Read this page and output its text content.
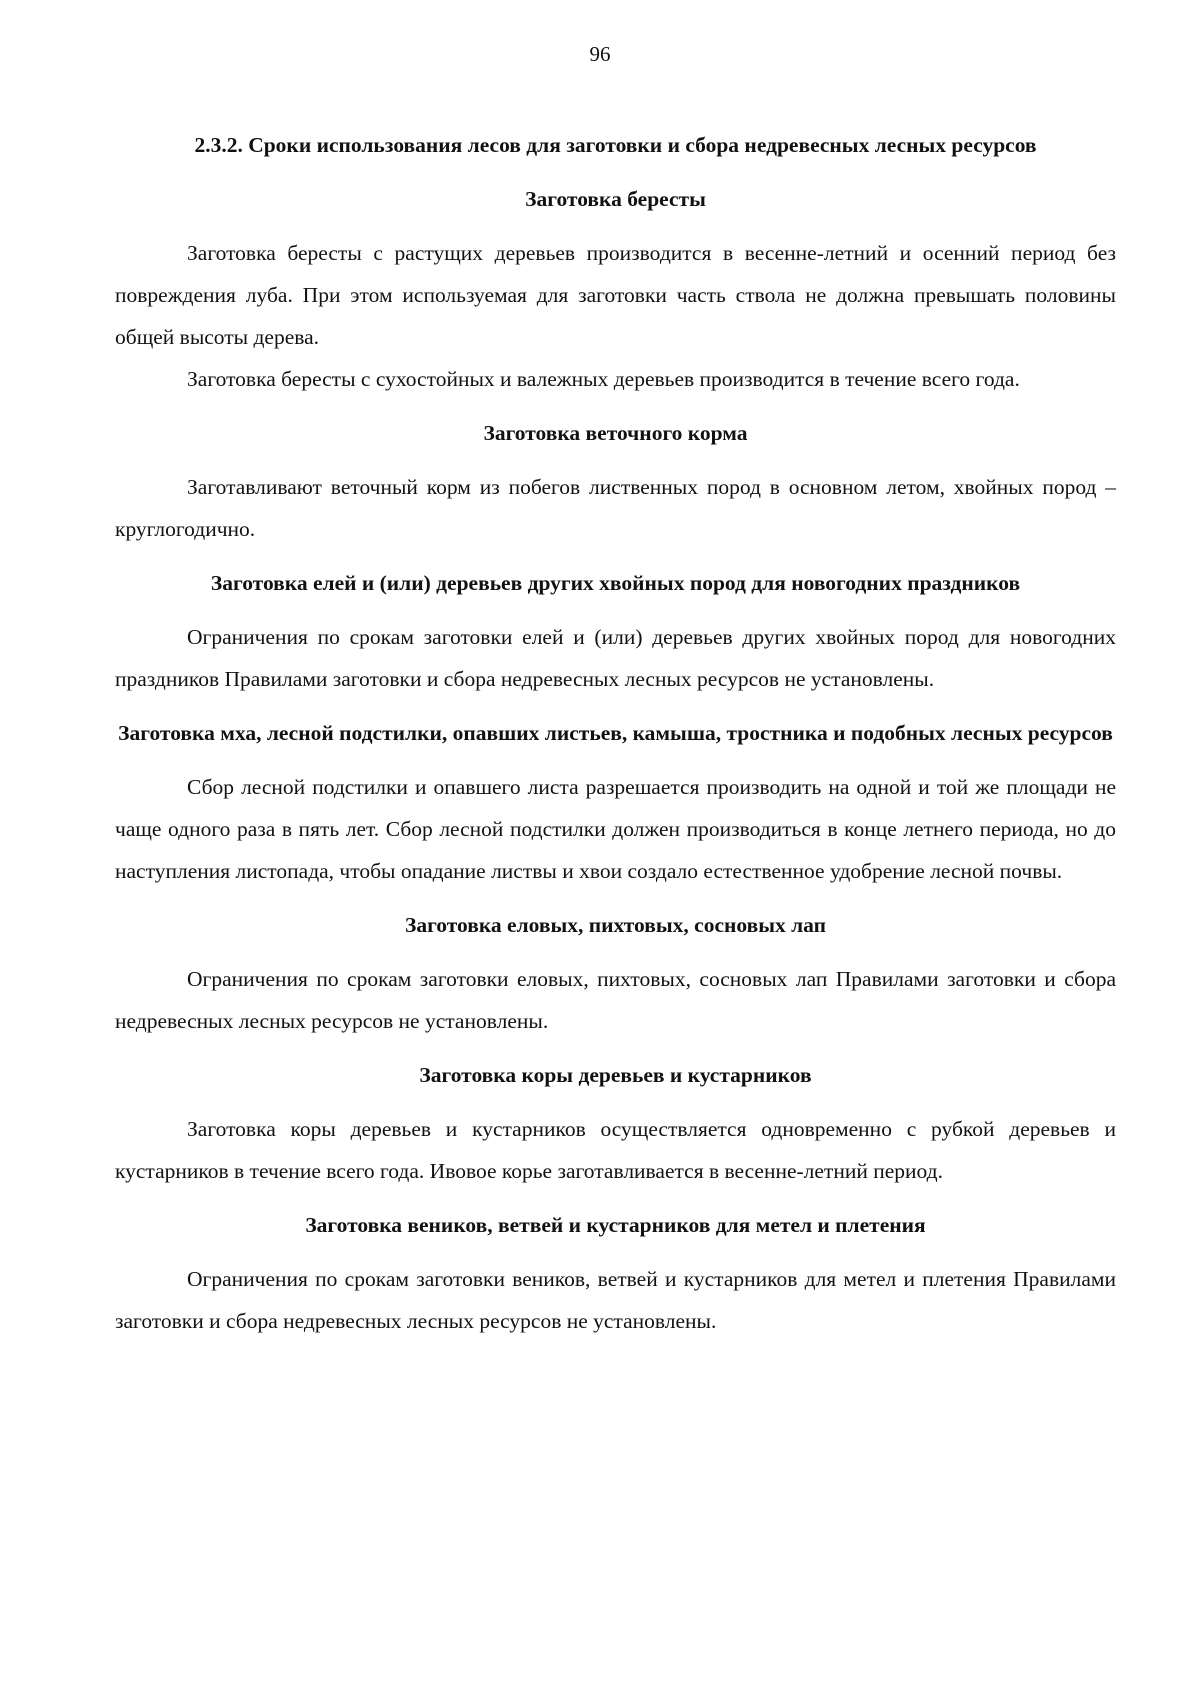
96
2.3.2. Сроки использования лесов для заготовки и сбора недревесных лесных ресурсов
Заготовка бересты

Заготовка бересты с растущих деревьев производится в весенне-летний и осенний период без повреждения луба. При этом используемая для заготовки часть ствола не должна превышать половины общей высоты дерева.

Заготовка бересты с сухостойных и валежных деревьев производится в течение всего года.

Заготовка веточного корма

Заготавливают веточный корм из побегов лиственных пород в основном летом, хвойных пород – круглогодично.

Заготовка елей и (или) деревьев других хвойных пород для новогодних праздников

Ограничения по срокам заготовки елей и (или) деревьев других хвойных пород для новогодних праздников Правилами заготовки и сбора недревесных лесных ресурсов не установлены.

Заготовка мха, лесной подстилки, опавших листьев, камыша, тростника и подобных лесных ресурсов

Сбор лесной подстилки и опавшего листа разрешается производить на одной и той же площади не чаще одного раза в пять лет. Сбор лесной подстилки должен производиться в конце летнего периода, но до наступления листопада, чтобы опадание листвы и хвои создало естественное удобрение лесной почвы.

Заготовка еловых, пихтовых, сосновых лап

Ограничения по срокам заготовки еловых, пихтовых, сосновых лап Правилами заготовки и сбора недревесных лесных ресурсов не установлены.

Заготовка коры деревьев и кустарников

Заготовка коры деревьев и кустарников осуществляется одновременно с рубкой деревьев и кустарников в течение всего года. Ивовое корье заготавливается в весенне-летний период.

Заготовка веников, ветвей и кустарников для метел и плетения

Ограничения по срокам заготовки веников, ветвей и кустарников для метел и плетения Правилами заготовки и сбора недревесных лесных ресурсов не установлены.
